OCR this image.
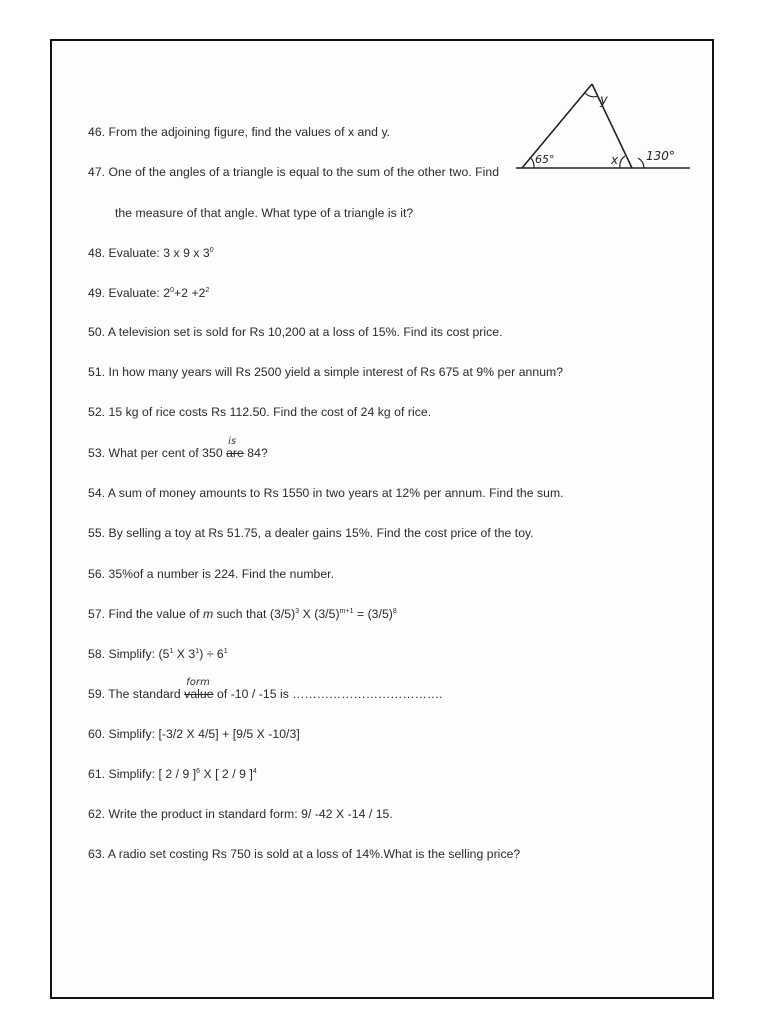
65°	x
y
130°
46. From the adjoining figure, find the values of x and y.
47. One of the angles of a triangle is equal to the sum of the other two. Find
the measure of that angle. What type of a triangle is it?
48. Evaluate: 3 x 9 x $3^0$
49. Evaluate: $2^0+2 +2^2$
50. A television set is sold for Rs 10,200 at a loss of 15%. Find its cost price.
51. In how many years will Rs 2500 yield a simple interest of Rs 675 at 9% per annum?
52. 15 kg of rice costs Rs 112.50. Find the cost of 24 kg of rice.
53. What per cent of 350
is
are 84?
54. A sum of money amounts to Rs 1550 in two years at 12% per annum. Find the sum.
55. By selling a toy at Rs 51.75, a dealer gains 15%. Find the cost price of the toy.
56. 35%of a number is 224. Find the number.
57. Find the value of m such that $(3/5)^3$ X $(3/5)^{m+1} = (3/5)^8$
58. Simplify: ($5^1$ X $3^1) \div 6^1$
59. The standard
form
value of -10 / -15 is ……………………………….
60. Simplify: [-3/2 X 4/5] + [9/5 X -10/3]
61. Simplify: [ 2 / 9 ]$^6$ X [ 2 / 9 ]$^4$
62. Write the product in standard form: 9/ -42 X -14 / 15.
63. A radio set costing Rs 750 is sold at a loss of 14%.What is the selling price?
